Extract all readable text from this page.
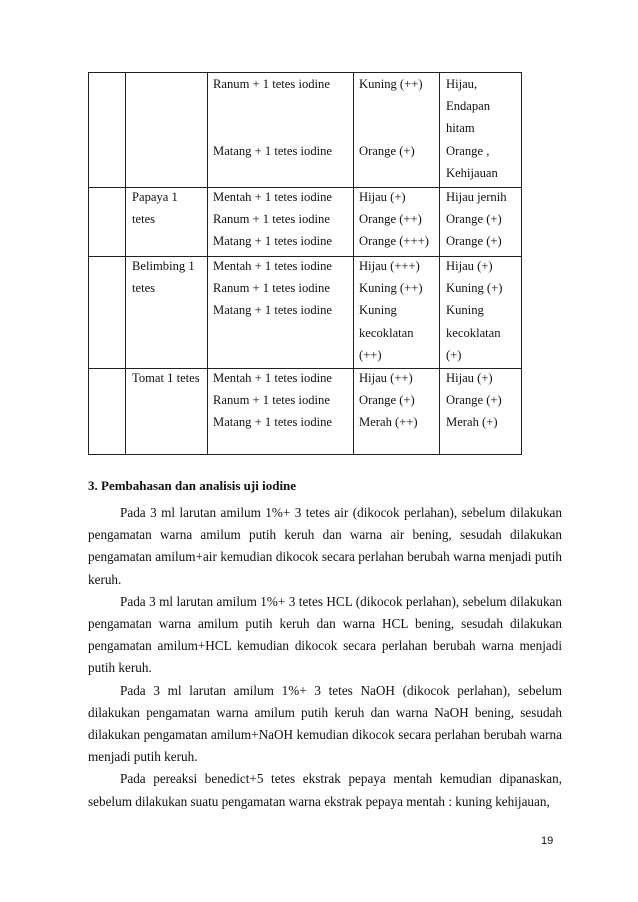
Ranum + 1 tetes iodine

Matang + 1 tetes iodine
Kuning (++)

Orange (+)
Hijau,
Endapan
hitam
Orange ,
Kehijauan
Papaya 1
tetes
Mentah + 1 tetes iodine
Ranum + 1 tetes iodine
Matang + 1 tetes iodine
Hijau (+)
Orange (++)
Orange (+++)
Hijau jernih
Orange (+)
Orange (+)
Belimbing 1
tetes
Mentah + 1 tetes iodine
Ranum + 1 tetes iodine
Matang + 1 tetes iodine
Hijau (+++)
Kuning (++)
Kuning
kecoklatan
(++)
Hijau (+)
Kuning (+)
Kuning
kecoklatan
(+)
Tomat 1 tetes Mentah + 1 tetes iodine
Ranum + 1 tetes iodine
Matang + 1 tetes iodine
Hijau (++)
Orange (+)
Merah (++)
Hijau (+)
Orange (+)
Merah (+)
3. Pembahasan dan analisis uji iodine

Pada 3 ml larutan amilum 1%+ 3 tetes air (dikocok perlahan), sebelum dilakukan pengamatan warna amilum putih keruh dan warna air bening, sesudah dilakukan pengamatan amilum+air kemudian dikocok secara perlahan berubah warna menjadi putih keruh.

Pada 3 ml larutan amilum 1%+ 3 tetes HCL (dikocok perlahan), sebelum dilakukan pengamatan warna amilum putih keruh dan warna HCL bening, sesudah dilakukan pengamatan amilum+HCL kemudian dikocok secara perlahan berubah warna menjadi putih keruh.

Pada 3 ml larutan amilum 1%+ 3 tetes NaOH (dikocok perlahan), sebelum dilakukan pengamatan warna amilum putih keruh dan warna NaOH bening, sesudah dilakukan pengamatan amilum+NaOH kemudian dikocok secara perlahan berubah warna menjadi putih keruh.

Pada pereaksi benedict+5 tetes ekstrak pepaya mentah kemudian dipanaskan, sebelum dilakukan suatu pengamatan warna ekstrak pepaya mentah : kuning kehijauan,

19
